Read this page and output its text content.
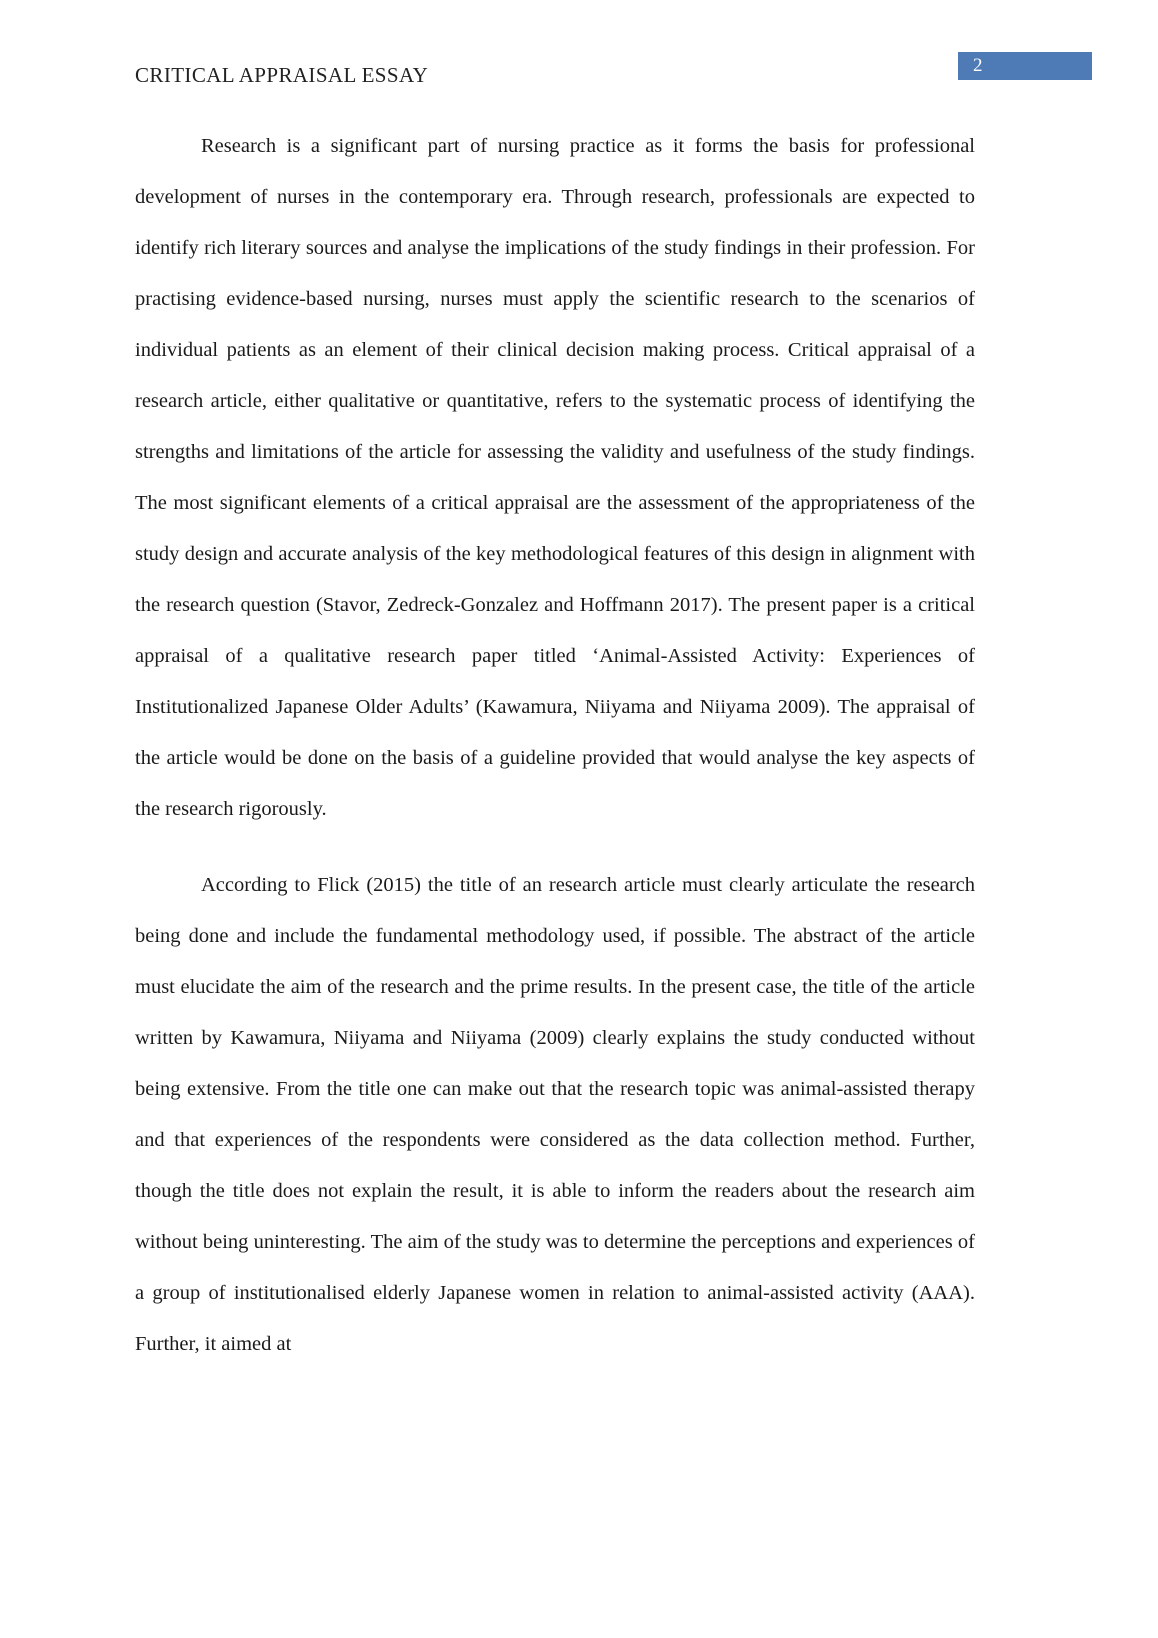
CRITICAL APPRAISAL ESSAY	2

Research is a significant part of nursing practice as it forms the basis for professional development of nurses in the contemporary era. Through research, professionals are expected to identify rich literary sources and analyse the implications of the study findings in their profession. For practising evidence-based nursing, nurses must apply the scientific research to the scenarios of individual patients as an element of their clinical decision making process. Critical appraisal of a research article, either qualitative or quantitative, refers to the systematic process of identifying the strengths and limitations of the article for assessing the validity and usefulness of the study findings. The most significant elements of a critical appraisal are the assessment of the appropriateness of the study design and accurate analysis of the key methodological features of this design in alignment with the research question (Stavor, Zedreck-Gonzalez and Hoffmann 2017). The present paper is a critical appraisal of a qualitative research paper titled ‘Animal-Assisted Activity: Experiences of Institutionalized Japanese Older Adults’ (Kawamura, Niiyama and Niiyama 2009). The appraisal of the article would be done on the basis of a guideline provided that would analyse the key aspects of the research rigorously.

According to Flick (2015) the title of an research article must clearly articulate the research being done and include the fundamental methodology used, if possible. The abstract of the article must elucidate the aim of the research and the prime results. In the present case, the title of the article written by Kawamura, Niiyama and Niiyama (2009) clearly explains the study conducted without being extensive. From the title one can make out that the research topic was animal-assisted therapy and that experiences of the respondents were considered as the data collection method. Further, though the title does not explain the result, it is able to inform the readers about the research aim without being uninteresting. The aim of the study was to determine the perceptions and experiences of a group of institutionalised elderly Japanese women in relation to animal-assisted activity (AAA). Further, it aimed at
